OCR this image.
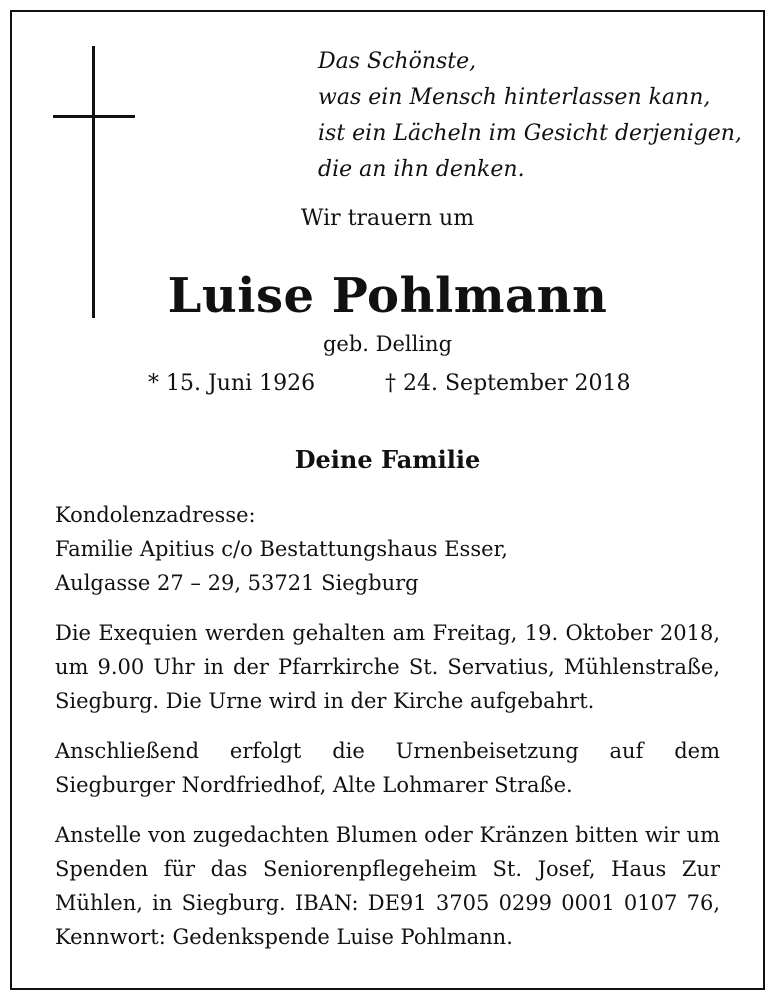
Das Schönste,
was ein Mensch hinterlassen kann,
ist ein Lächeln im Gesicht derjenigen,
die an ihn denken.
Wir trauern um
Luise Pohlmann
geb. Delling
* 15. Juni 1926	† 24. September 2018
Deine Familie

Kondolenzadresse:
Familie Apitius c/o Bestattungshaus Esser,
Aulgasse 27 – 29, 53721 Siegburg

Die Exequien werden gehalten am Freitag, 19. Oktober 2018, um 9.00 Uhr in der Pfarrkirche St. Servatius, Mühlenstraße, Siegburg. Die Urne wird in der Kirche aufgebahrt.

Anschließend erfolgt die Urnenbeisetzung auf dem Siegburger Nordfriedhof, Alte Lohmarer Straße.

Anstelle von zugedachten Blumen oder Kränzen bitten wir um Spenden für das Seniorenpflegeheim St. Josef, Haus Zur Mühlen, in Siegburg. IBAN: DE91 3705 0299 0001 0107 76, Kennwort: Gedenkspende Luise Pohlmann.
